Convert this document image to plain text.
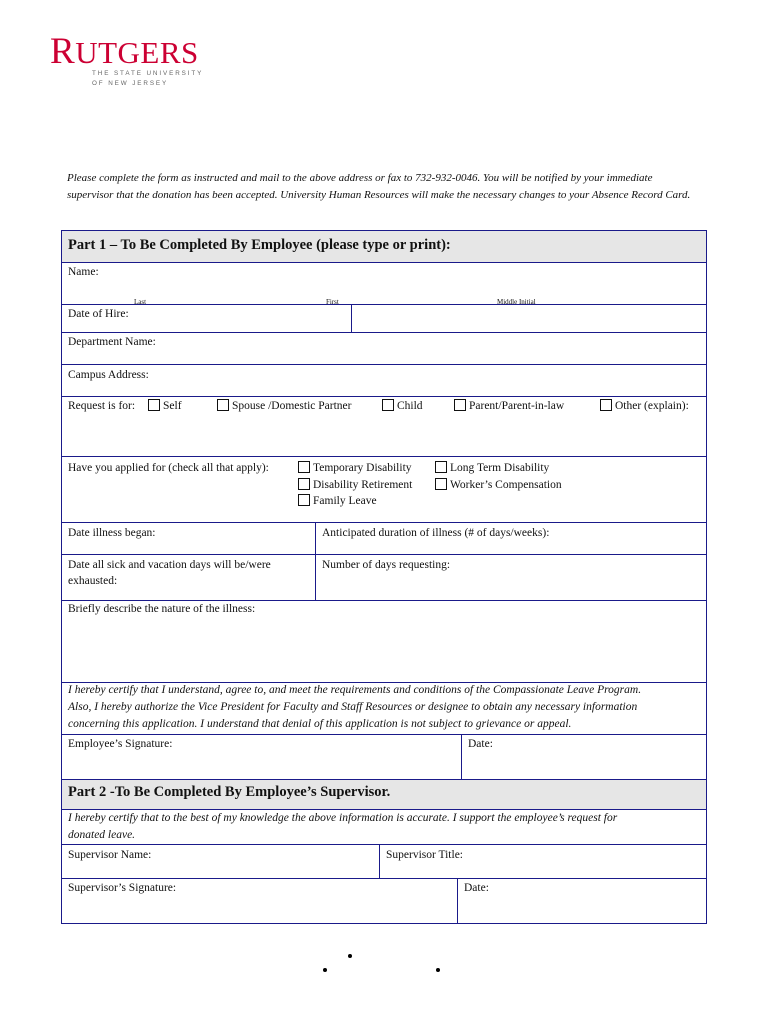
RUTGERS
THE STATE UNIVERSITY
OF NEW JERSEY
Please complete the form as instructed and mail to the above address or fax to 732-932-0046. You will be notified by your immediate supervisor that the donation has been accepted. University Human Resources will make the necessary changes to your Absence Record Card.
Part 1 – To Be Completed By Employee (please type or print):
Name:
Last	First	Middle Initial
Date of Hire:
Department Name:
Campus Address:
Request is for:	Self	Spouse /Domestic Partner	Child	Parent/Parent-in-law	Other (explain):
Have you applied for (check all that apply):	Temporary Disability	Long Term Disability
Disability Retirement	Worker’s Compensation
Family Leave
Date illness began:	Anticipated duration of illness (# of days/weeks):
Date all sick and vacation days will be/were
exhausted:
Number of days requesting:
Briefly describe the nature of the illness:
I hereby certify that I understand, agree to, and meet the requirements and conditions of the Compassionate Leave Program.
Also, I hereby authorize the Vice President for Faculty and Staff Resources or designee to obtain any necessary information
concerning this application. I understand that denial of this application is not subject to grievance or appeal.
Employee’s Signature:	Date:
Part 2 -To Be Completed By Employee’s Supervisor.
I hereby certify that to the best of my knowledge the above information is accurate. I support the employee’s request for
donated leave.
Supervisor Name:	Supervisor Title:
Supervisor’s Signature:	Date:
